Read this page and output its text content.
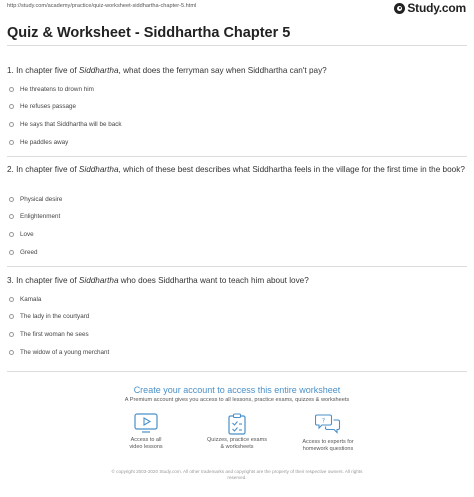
http://study.com/academy/practice/quiz-worksheet-siddhartha-chapter-5.html	Study.com
Quiz & Worksheet - Siddhartha Chapter 5
1. In chapter five of Siddhartha, what does the ferryman say when Siddhartha can't pay?
He threatens to drown him
He refuses passage
He says that Siddhartha will be back
He paddles away
2. In chapter five of Siddhartha, which of these best describes what Siddhartha feels in the village for the first time in the book?
Physical desire
Enlightenment
Love
Greed
3. In chapter five of Siddhartha who does Siddhartha want to teach him about love?
Kamala
The lady in the courtyard
The first woman he sees
The widow of a young merchant
Create your account to access this entire worksheet
A Premium account gives you access to all lessons, practice exams, quizzes & worksheets
Access to all
video lessons
Quizzes, practice exams
& worksheets
?
Access to experts for
homework questions
© copyright 2003-2020 Study.com. All other trademarks and copyrights are the property of their respective owners. All rights
reserved.
